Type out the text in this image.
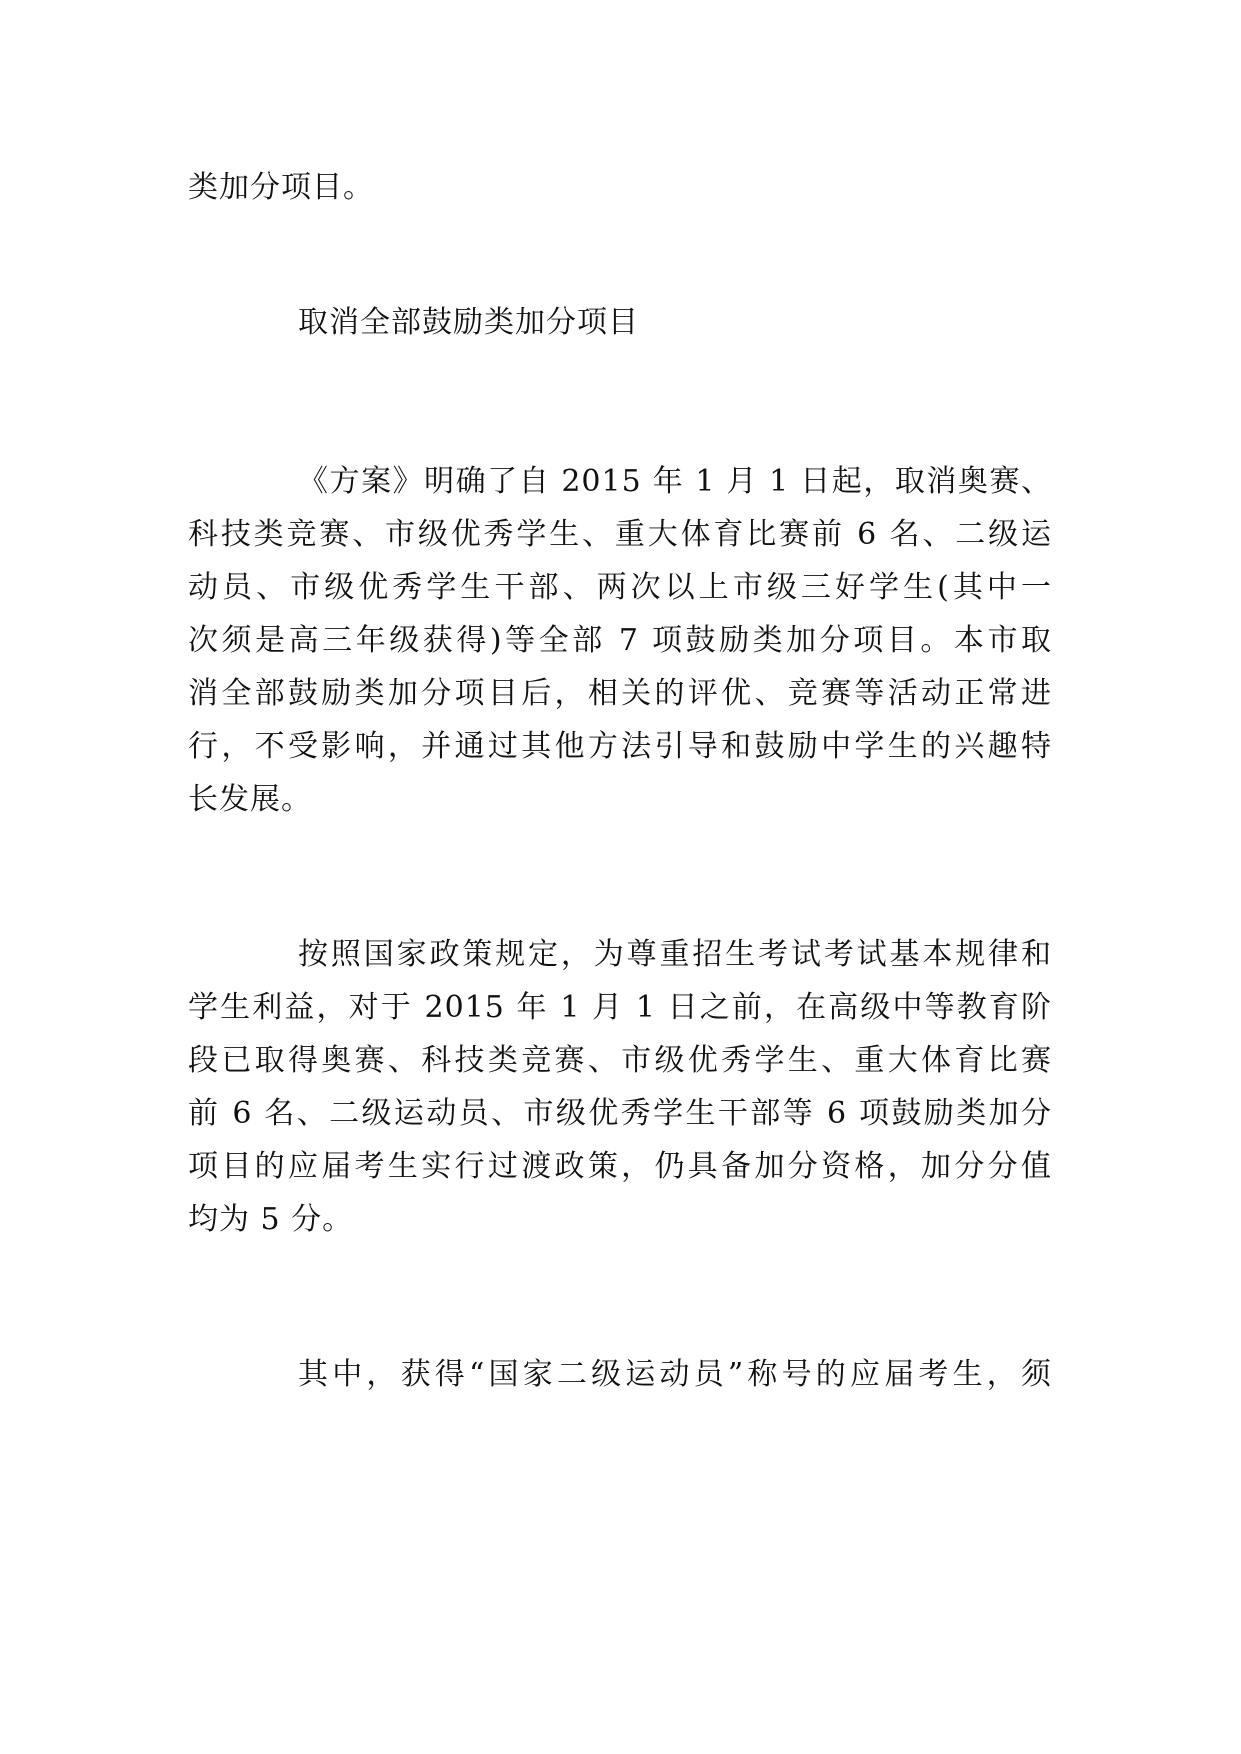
类加分项目。
取消全部鼓励类加分项目
《方案》明确了自 2015 年 1 月 1 日起，取消奥赛、
科技类竞赛、市级优秀学生、重大体育比赛前 6 名、二级运
动员、市级优秀学生干部、两次以上市级三好学生(其中一
次须是高三年级获得)等全部 7 项鼓励类加分项目。本市取
消全部鼓励类加分项目后，相关的评优、竞赛等活动正常进
行，不受影响，并通过其他方法引导和鼓励中学生的兴趣特
长发展。
按照国家政策规定，为尊重招生考试考试基本规律和
学生利益，对于 2015 年 1 月 1 日之前，在高级中等教育阶
段已取得奥赛、科技类竞赛、市级优秀学生、重大体育比赛
前 6 名、二级运动员、市级优秀学生干部等 6 项鼓励类加分
项目的应届考生实行过渡政策，仍具备加分资格，加分分值
均为 5 分。
其中，获得“国家二级运动员”称号的应届考生，须
